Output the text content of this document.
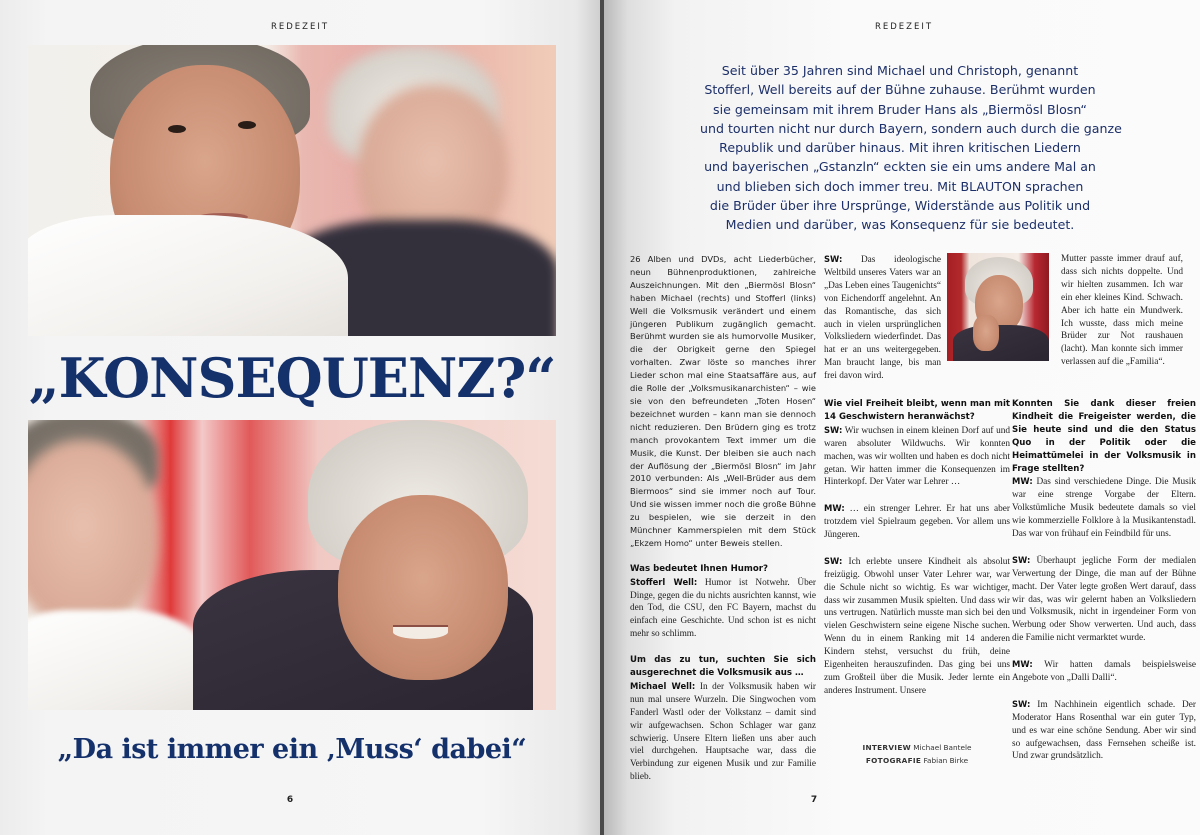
REDEZEIT
„KONSEQUENZ?“
„Da ist immer ein ‚Muss‘ dabei“
6
REDEZEIT
7
Seit über 35 Jahren sind Michael und Christoph, genannt
Stofferl, Well bereits auf der Bühne zuhause. Berühmt wurden
sie gemeinsam mit ihrem Bruder Hans als „Biermösl Blosn“
und tourten nicht nur durch Bayern, sondern auch durch die ganze
Republik und darüber hinaus. Mit ihren kritischen Liedern
und bayerischen „Gstanzln“ eckten sie ein ums andere Mal an
und blieben sich doch immer treu. Mit BLAUTON sprachen
die Brüder über ihre Ursprünge, Widerstände aus Politik und
Medien und darüber, was Konsequenz für sie bedeutet.

26 Alben und DVDs, acht Liederbücher, neun Bühnenproduktionen, zahlreiche Auszeichnungen. Mit den „Biermösl Blosn“ haben Michael (rechts) und Stofferl (links) Well die Volksmusik verändert und einem jüngeren Publikum zugänglich gemacht. Berühmt wurden sie als humorvolle Musiker, die der Obrigkeit gerne den Spiegel vorhalten. Zwar löste so manches ihrer Lieder schon mal eine Staatsaffäre aus, auf die Rolle der „Volksmusikanarchisten“ – wie sie von den befreundeten „Toten Hosen“ bezeichnet wurden – kann man sie dennoch nicht reduzieren. Den Brüdern ging es trotz manch provokantem Text immer um die Musik, die Kunst. Der bleiben sie auch nach der Auflösung der „Biermösl Blosn“ im Jahr 2010 verbunden: Als „Well-Brüder aus dem Biermoos“ sind sie immer noch auf Tour. Und sie wissen immer noch die große Bühne zu bespielen, wie sie derzeit in den Münchner Kammerspielen mit dem Stück „Ekzem Homo“ unter Beweis stellen.

Was bedeutet Ihnen Humor?
Stofferl Well: Humor ist Notwehr. Über Dinge, gegen die du nichts ausrichten kannst, wie den Tod, die CSU, den FC Bayern, machst du einfach eine Geschichte. Und schon ist es nicht mehr so schlimm.

Um das zu tun, suchten Sie sich ausgerechnet die Volksmusik aus …
Michael Well: In der Volksmusik haben wir nun mal unsere Wurzeln. Die Singwochen vom Fanderl Wastl oder der Volkstanz – damit sind wir aufgewachsen. Schon Schlager war ganz schwierig. Unsere Eltern ließen uns aber auch viel durchgehen. Hauptsache war, dass die Verbindung zur eigenen Musik und zur Familie blieb.

SW: Das ideologische Weltbild unseres Vaters war an „Das Leben eines Taugenichts“ von Eichendorff angelehnt. An das Romantische, das sich auch in vielen ursprünglichen Volksliedern wiederfindet. Das hat er an uns weitergegeben. Man braucht lange, bis man frei davon wird.

Wie viel Freiheit bleibt, wenn man mit 14 Geschwistern heranwächst?
SW: Wir wuchsen in einem kleinen Dorf auf und waren absoluter Wildwuchs. Wir konnten machen, was wir wollten und haben es doch nicht getan. Wir hatten immer die Konsequenzen im Hinterkopf. Der Vater war Lehrer …

MW: … ein strenger Lehrer. Er hat uns aber trotzdem viel Spielraum gegeben. Vor allem uns Jüngeren.

SW: Ich erlebte unsere Kindheit als absolut freizügig. Obwohl unser Vater Lehrer war, war die Schule nicht so wichtig. Es war wichtiger, dass wir zusammen Musik spielten. Und dass wir uns vertrugen. Natürlich musste man sich bei den vielen Geschwistern seine eigene Nische suchen. Wenn du in einem Ranking mit 14 anderen Kindern stehst, versuchst du früh, deine Eigenheiten herauszufinden. Das ging bei uns zum Großteil über die Musik. Jeder lernte ein anderes Instrument. Unsere

INTERVIEW Michael Bantele
FOTOGRAFIE Fabian Birke

Mutter passte immer drauf auf, dass sich nichts doppelte. Und wir hielten zusammen. Ich war ein eher kleines Kind. Schwach. Aber ich hatte ein Mundwerk. Ich wusste, dass mich meine Brüder zur Not raushauen (lacht). Man konnte sich immer verlassen auf die „Familia“.

Konnten Sie dank dieser freien Kindheit die Freigeister werden, die Sie heute sind und die den Status Quo in der Politik oder die Heimattümelei in der Volksmusik in Frage stellten?
MW: Das sind verschiedene Dinge. Die Musik war eine strenge Vorgabe der Eltern. Volkstümliche Musik bedeutete damals so viel wie kommerzielle Folklore à la Musikantenstadl. Das war von frühauf ein Feindbild für uns.

SW: Überhaupt jegliche Form der medialen Verwertung der Dinge, die man auf der Bühne macht. Der Vater legte großen Wert darauf, dass wir das, was wir gelernt haben an Volksliedern und Volksmusik, nicht in irgendeiner Form von Werbung oder Show verwerten. Und auch, dass die Familie nicht vermarktet wurde.

MW: Wir hatten damals beispielsweise Angebote von „Dalli Dalli“.

SW: Im Nachhinein eigentlich schade. Der Moderator Hans Rosenthal war ein guter Typ, und es war eine schöne Sendung. Aber wir sind so aufgewachsen, dass Fernsehen scheiße ist. Und zwar grundsätzlich.
